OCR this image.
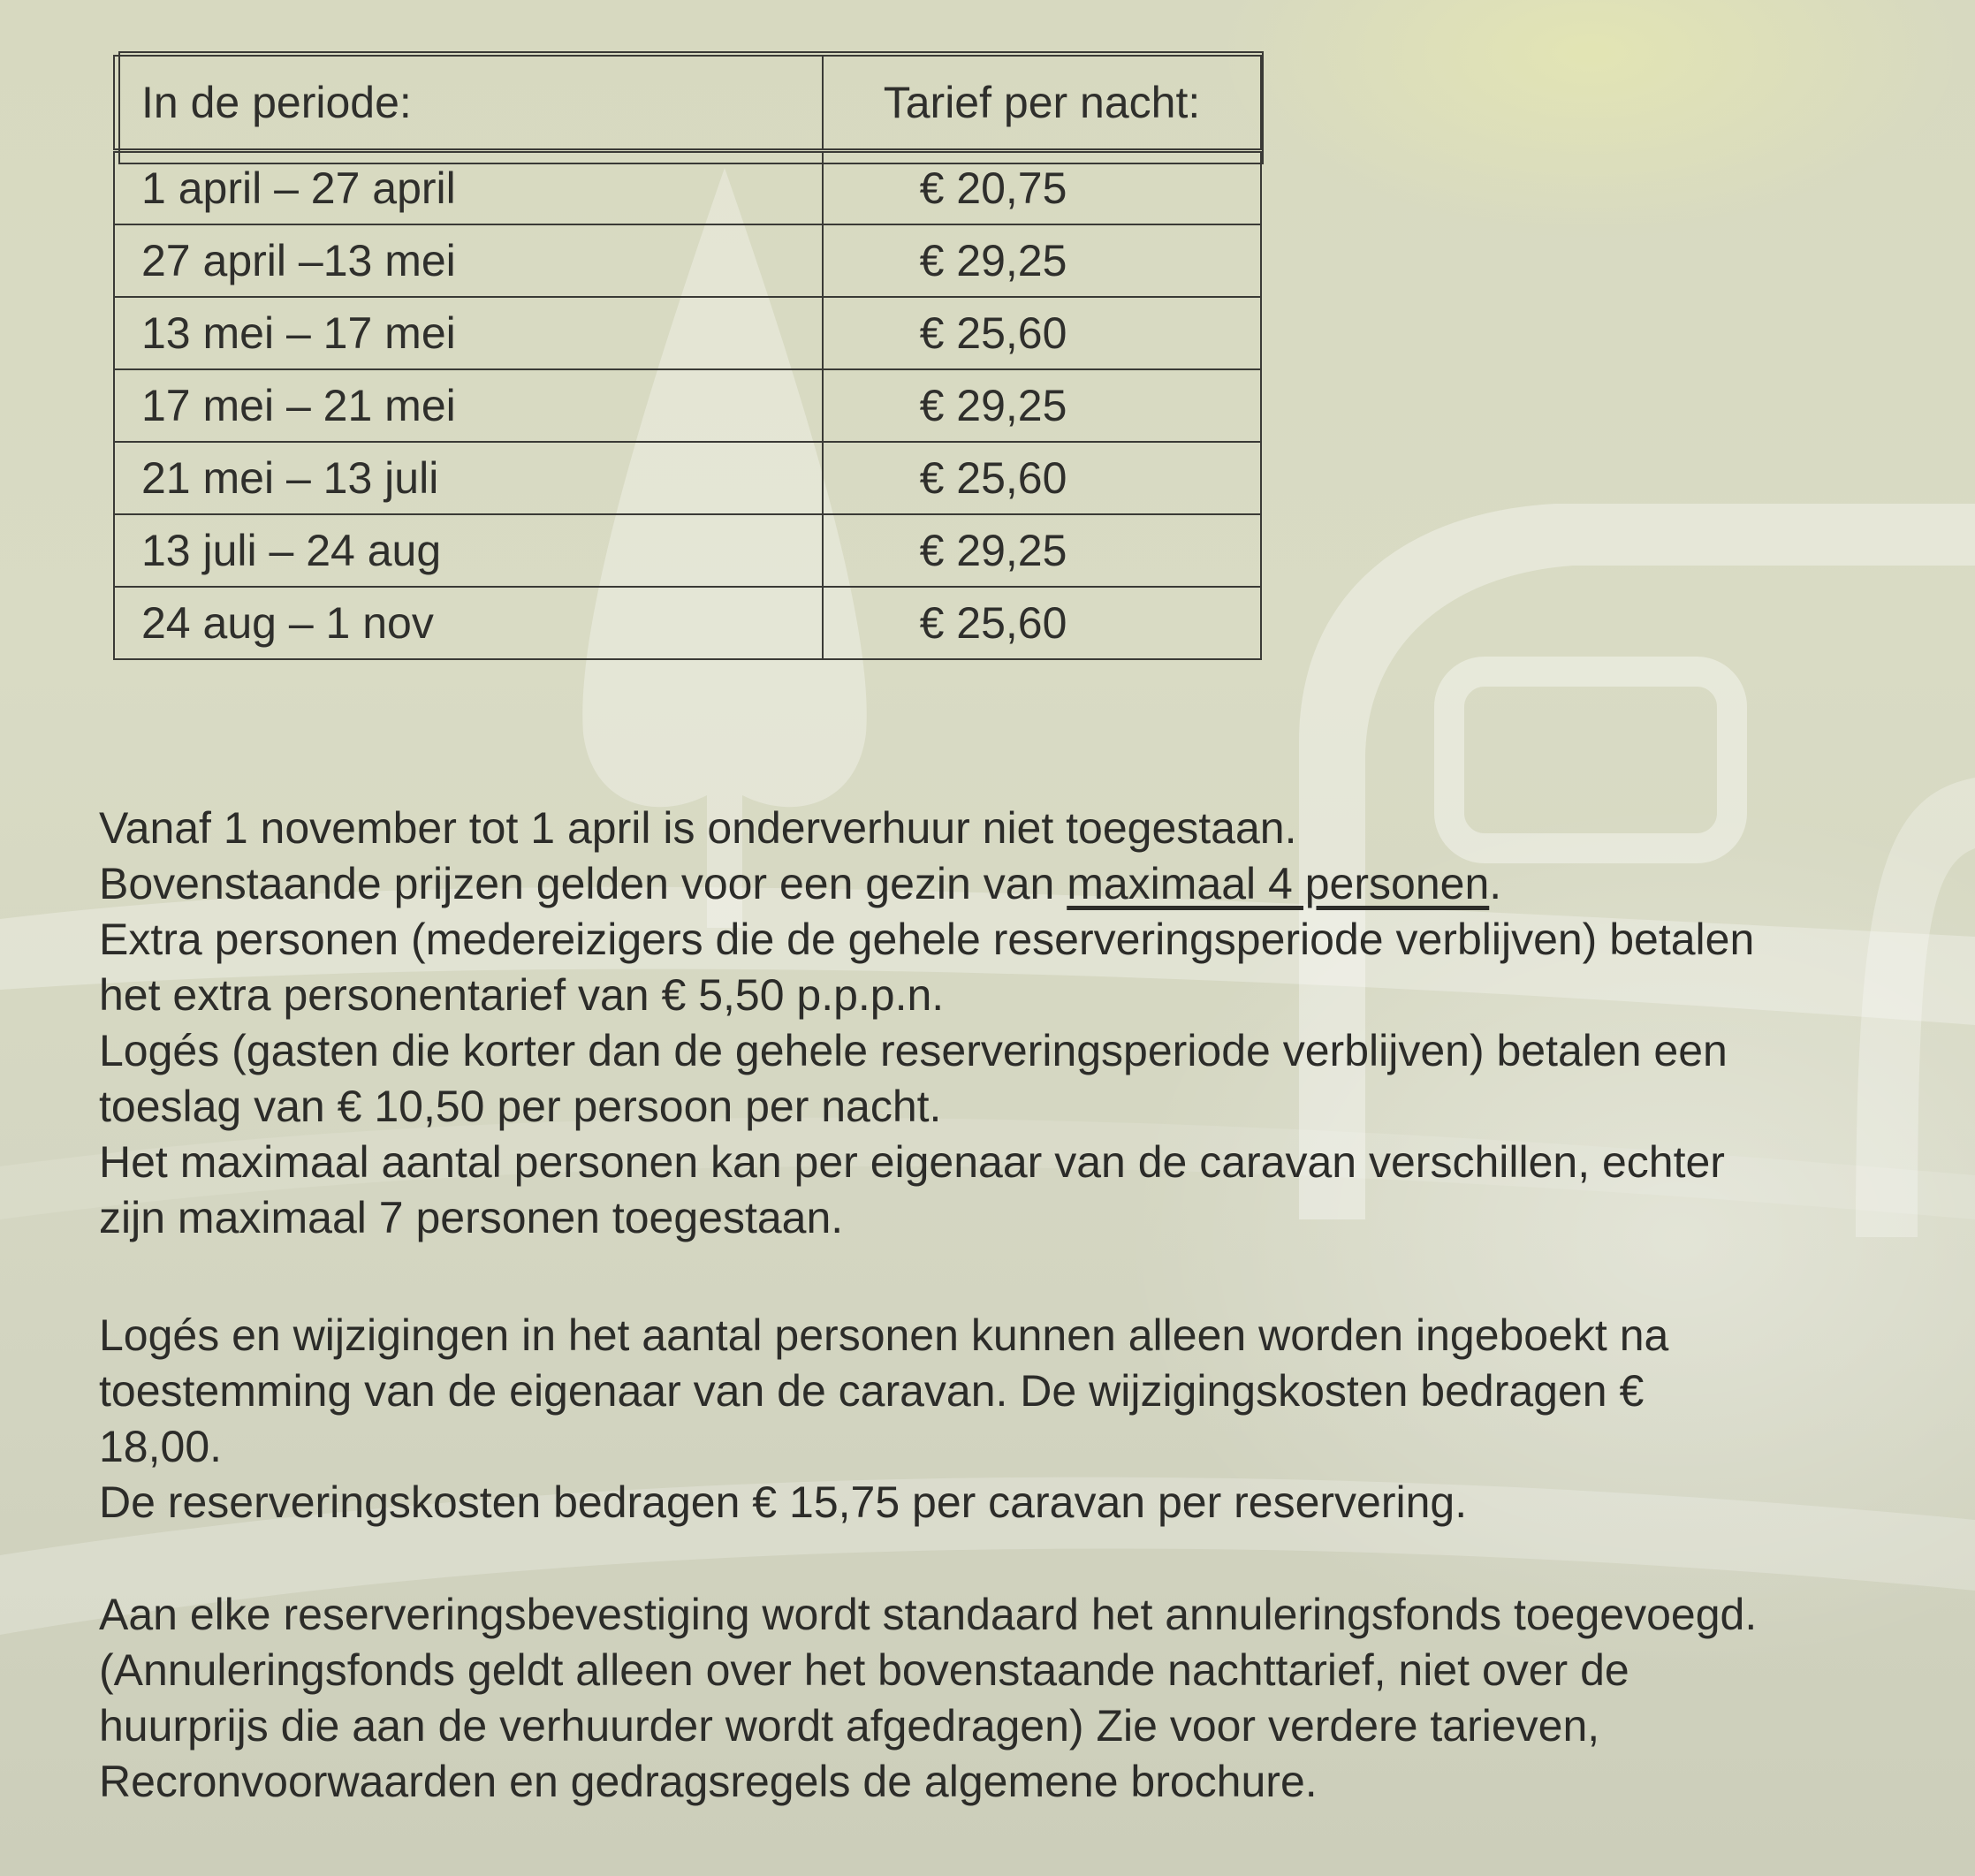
In de periode:	Tarief per nacht:
1 april – 27 april	€ 20,75
27 april –13 mei	€ 29,25
13 mei – 17 mei	€ 25,60
17 mei – 21 mei	€ 29,25
21 mei – 13 juli	€ 25,60
13 juli – 24 aug	€ 29,25
24 aug – 1 nov	€ 25,60

Vanaf 1 november tot 1 april is onderverhuur niet toegestaan.

Bovenstaande prijzen gelden voor een gezin van maximaal 4 personen.

Extra personen (medereizigers die de gehele reserveringsperiode verblijven) betalen

het extra personentarief van € 5,50 p.p.p.n.

Logés (gasten die korter dan de gehele reserveringsperiode verblijven) betalen een

toeslag van € 10,50 per persoon per nacht.

Het maximaal aantal personen kan per eigenaar van de caravan verschillen, echter

zijn maximaal 7 personen toegestaan.

Logés en wijzigingen in het aantal personen kunnen alleen worden ingeboekt na

toestemming van de eigenaar van de caravan. De wijzigingskosten bedragen €

18,00.

De reserveringskosten bedragen € 15,75 per caravan per reservering.

Aan elke reserveringsbevestiging wordt standaard het annuleringsfonds toegevoegd.

(Annuleringsfonds geldt alleen over het bovenstaande nachttarief, niet over de

huurprijs die aan de verhuurder wordt afgedragen) Zie voor verdere tarieven,

Recronvoorwaarden en gedragsregels de algemene brochure.
